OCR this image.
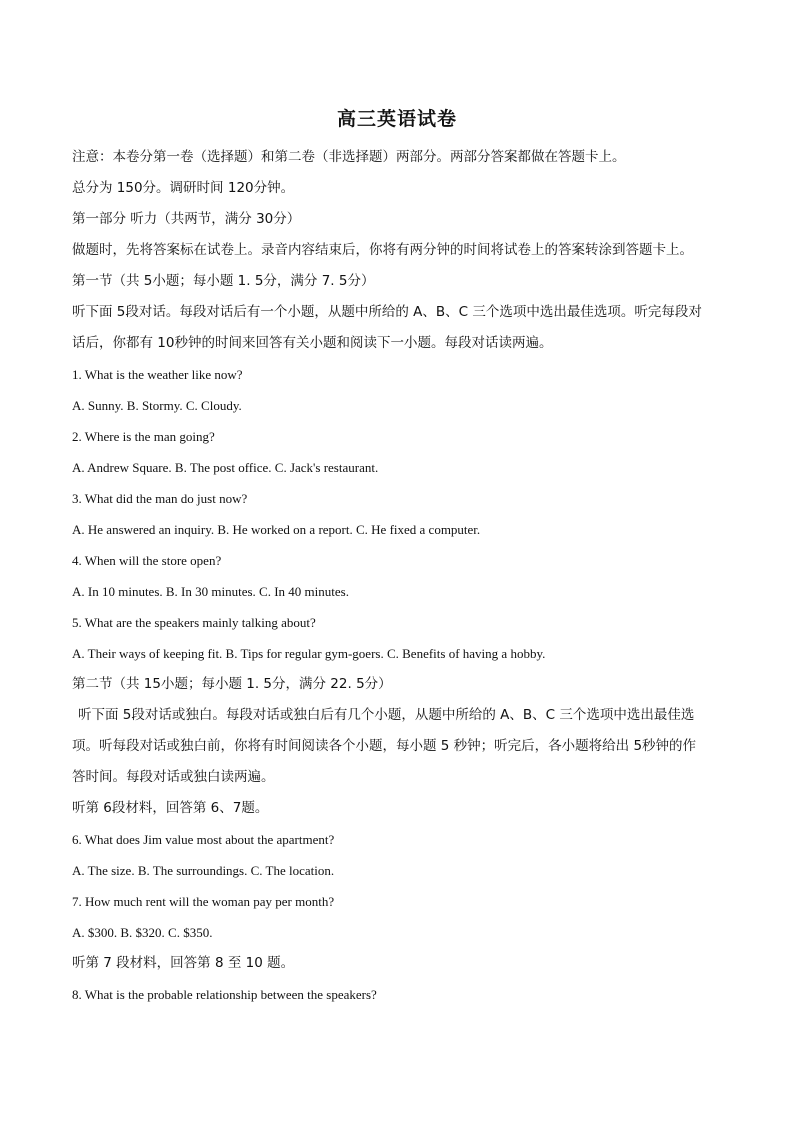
高三英语试卷
注意：本卷分第一卷（选择题）和第二卷（非选择题）两部分。两部分答案都做在答题卡上。
总分为 150分。调研时间 120分钟。
第一部分 听力（共两节，满分 30分）
做题时，先将答案标在试卷上。录音内容结束后，你将有两分钟的时间将试卷上的答案转涂到答题卡上。
第一节（共 5小题；每小题 1. 5分，满分 7. 5分）
听下面 5段对话。每段对话后有一个小题，从题中所给的 A、B、C 三个选项中选出最佳选项。听完每段对
话后，你都有 10秒钟的时间来回答有关小题和阅读下一小题。每段对话读两遍。
1. What is the weather like now?
A. Sunny. B. Stormy. C. Cloudy.
2. Where is the man going?
A. Andrew Square. B. The post office. C. Jack's restaurant.
3. What did the man do just now?
A. He answered an inquiry. B. He worked on a report. C. He fixed a computer.
4. When will the store open?
A. In 10 minutes. B. In 30 minutes. C. In 40 minutes.
5. What are the speakers mainly talking about?
A. Their ways of keeping fit. B. Tips for regular gym-goers. C. Benefits of having a hobby.
第二节（共 15小题；每小题 1. 5分，满分 22. 5分）
听下面 5段对话或独白。每段对话或独白后有几个小题，从题中所给的 A、B、C 三个选项中选出最佳选
项。听每段对话或独白前，你将有时间阅读各个小题，每小题 5 秒钟；听完后，各小题将给出 5秒钟的作
答时间。每段对话或独白读两遍。
听第 6段材料，回答第 6、7题。
6. What does Jim value most about the apartment?
A. The size. B. The surroundings. C. The location.
7. How much rent will the woman pay per month?
A. $300. B. $320. C. $350.
听第 7 段材料，回答第 8 至 10 题。
8. What is the probable relationship between the speakers?
